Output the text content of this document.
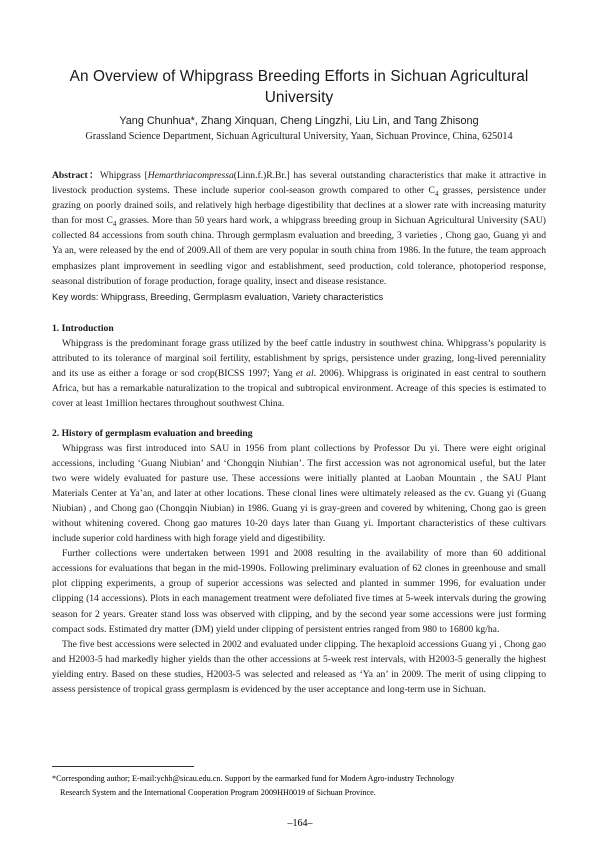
An Overview of Whipgrass Breeding Efforts in Sichuan Agricultural University

Yang Chunhua*, Zhang Xinquan, Cheng Lingzhi, Liu Lin, and Tang Zhisong

Grassland Science Department, Sichuan Agricultural University, Yaan, Sichuan Province, China, 625014

Abstract：Whipgrass [Hemarthriacompressa(Linn.f.)R.Br.] has several outstanding characteristics that make it attractive in livestock production systems. These include superior cool-season growth compared to other $C_4$ grasses, persistence under grazing on poorly drained soils, and relatively high herbage digestibility that declines at a slower rate with increasing maturity than for most $C_4$ grasses. More than 50 years hard work, a whipgrass breeding group in Sichuan Agricultural University (SAU) collected 84 accessions from south china. Through germplasm evaluation and breeding, 3 varieties , Chong gao, Guang yi and Ya an, were released by the end of 2009.All of them are very popular in south china from 1986. In the future, the team approach emphasizes plant improvement in seedling vigor and establishment, seed production, cold tolerance, photoperiod response, seasonal distribution of forage production, forage quality, insect and disease resistance.

Key words: Whipgrass, Breeding, Germplasm evaluation, Variety characteristics

1. Introduction

Whipgrass is the predominant forage grass utilized by the beef cattle industry in southwest china. Whipgrass’s popularity is attributed to its tolerance of marginal soil fertility, establishment by sprigs, persistence under grazing, long-lived perenniality and its use as either a forage or sod crop(BICSS 1997; Yang et al. 2006). Whipgrass is originated in east central to southern Africa, but has a remarkable naturalization to the tropical and subtropical environment. Acreage of this species is estimated to cover at least 1million hectares throughout southwest China.

2. History of germplasm evaluation and breeding

Whipgrass was first introduced into SAU in 1956 from plant collections by Professor Du yi. There were eight original accessions, including ‘Guang Niubian’ and ‘Chongqin Niubian’. The first accession was not agronomical useful, but the later two were widely evaluated for pasture use. These accessions were initially planted at Laoban Mountain , the SAU Plant Materials Center at Ya’an, and later at other locations. These clonal lines were ultimately released as the cv. Guang yi (Guang Niubian) , and Chong gao (Chongqin Niubian) in 1986. Guang yi is gray-green and covered by whitening, Chong gao is green without whitening covered. Chong gao matures 10-20 days later than Guang yi. Important characteristics of these cultivars include superior cold hardiness with high forage yield and digestibility.

Further collections were undertaken between 1991 and 2008 resulting in the availability of more than 60 additional accessions for evaluations that began in the mid-1990s. Following preliminary evaluation of 62 clones in greenhouse and small plot clipping experiments, a group of superior accessions was selected and planted in summer 1996, for evaluation under clipping (14 accessions). Plots in each management treatment were defoliated five times at 5-week intervals during the growing season for 2 years. Greater stand loss was observed with clipping, and by the second year some accessions were just forming compact sods. Estimated dry matter (DM) yield under clipping of persistent entries ranged from 980 to 16800 kg/ha.

The five best accessions were selected in 2002 and evaluated under clipping. The hexaploid accessions Guang yi , Chong gao and H2003-5 had markedly higher yields than the other accessions at 5-week rest intervals, with H2003-5 generally the highest yielding entry. Based on these studies, H2003-5 was selected and released as ‘Ya an’ in 2009. The merit of using clipping to assess persistence of tropical grass germplasm is evidenced by the user acceptance and long-term use in Sichuan.

*Corresponding author; E-mail:ychh@sicau.edu.cn. Support by the earmarked fund for Modern Agro-industry Technology
Research System and the International Cooperation Program 2009HH0019 of Sichuan Province.
–164–
